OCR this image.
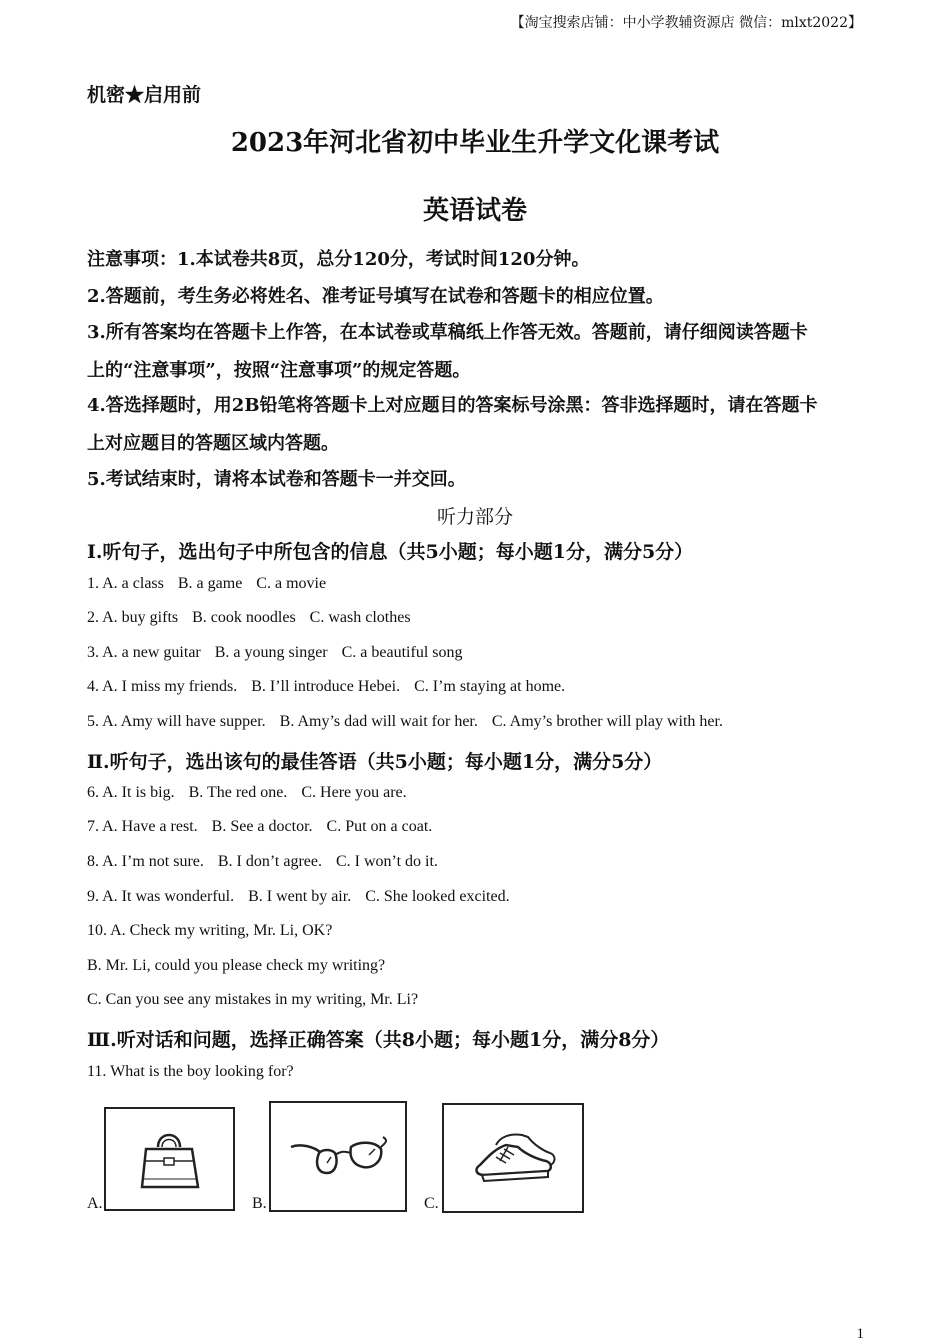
【淘宝搜索店铺：中小学教辅资源店 微信：mlxt2022】
机密★启用前
2023年河北省初中毕业生升学文化课考试
英语试卷
注意事项：1.本试卷共8页，总分120分，考试时间120分钟。
2.答题前，考生务必将姓名、准考证号填写在试卷和答题卡的相应位置。
3.所有答案均在答题卡上作答，在本试卷或草稿纸上作答无效。答题前，请仔细阅读答题卡
上的“注意事项”，按照“注意事项”的规定答题。
4.答选择题时，用2B铅笔将答题卡上对应题目的答案标号涂黑：答非选择题时，请在答题卡
上对应题目的答题区域内答题。
5.考试结束时，请将本试卷和答题卡一并交回。
听力部分
Ⅰ.听句子，选出句子中所包含的信息（共5小题；每小题1分，满分5分）
1. A. a class B. a game C. a movie
2. A. buy gifts B. cook noodles C. wash clothes
3. A. a new guitar B. a young singer C. a beautiful song
4. A. I miss my friends. B. I’ll introduce Hebei. C. I’m staying at home.
5. A. Amy will have supper. B. Amy’s dad will wait for her. C. Amy’s brother will play with her.
Ⅱ.听句子，选出该句的最佳答语（共5小题；每小题1分，满分5分）
6. A. It is big. B. The red one. C. Here you are.
7. A. Have a rest. B. See a doctor. C. Put on a coat.
8. A. I’m not sure. B. I don’t agree. C. I won’t do it.
9. A. It was wonderful. B. I went by air. C. She looked excited.
10. A. Check my writing, Mr. Li, OK?
B. Mr. Li, could you please check my writing?
C. Can you see any mistakes in my writing, Mr. Li?
Ⅲ.听对话和问题，选择正确答案（共8小题；每小题1分，满分8分）
11. What is the boy looking for?
A.	B.	C.
1
